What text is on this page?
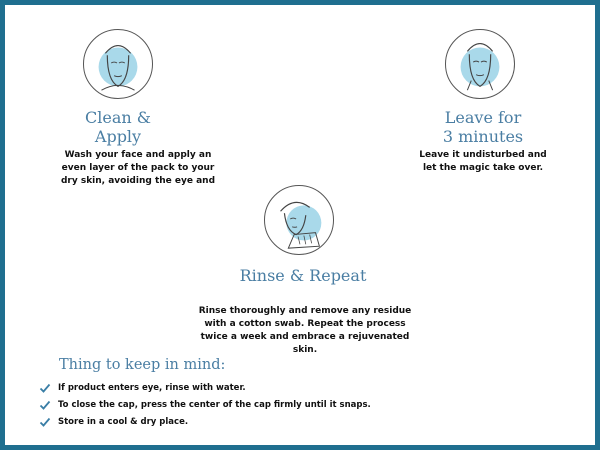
Clean &
Apply
Wash your face and apply an
even layer of the pack to your
dry skin, avoiding the eye and
Leave for
3 minutes
Leave it undisturbed and
let the magic take over.
Rinse & Repeat
Rinse thoroughly and remove any residue
with a cotton swab. Repeat the process
twice a week and embrace a rejuvenated
skin.
Thing to keep in mind:
If product enters eye, rinse with water.
To close the cap, press the center of the cap firmly until it snaps.
Store in a cool & dry place.
